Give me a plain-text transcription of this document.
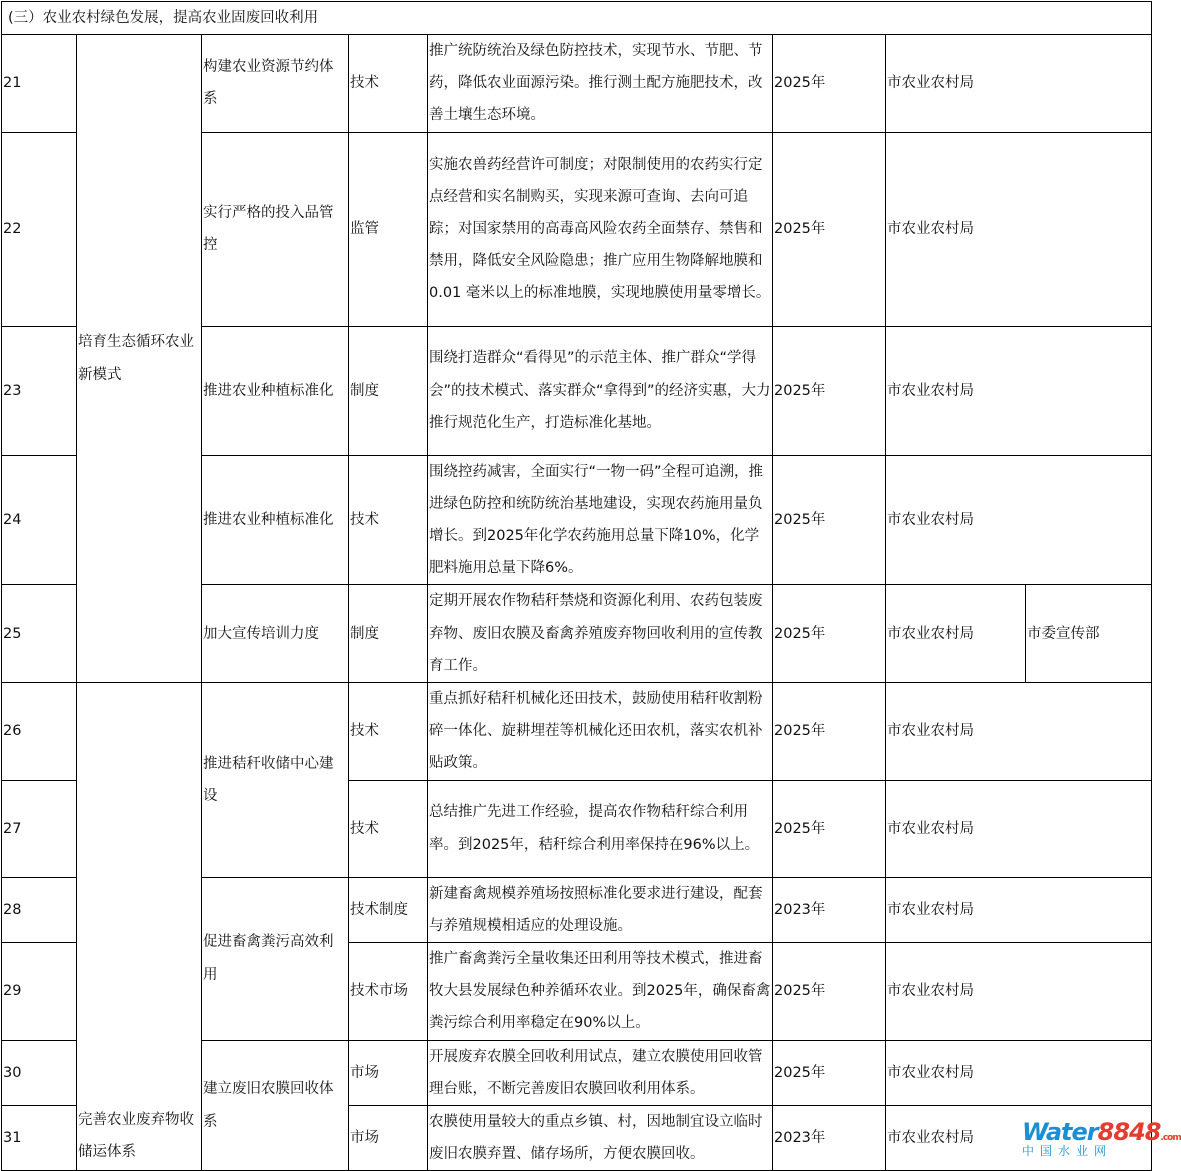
(三）农业农村绿色发展，提高农业固废回收利用							
21	培育生态循环农业新模式	构建农业资源节约体系	技术	推广统防统治及绿色防控技术，实现节水、节肥、节药，降低农业面源污染。推行测土配方施肥技术，改善土壤生态环境。	2025年	市农业农村局	
22		实行严格的投入品管控	监管	实施农兽药经营许可制度；对限制使用的农药实行定点经营和实名制购买，实现来源可查询、去向可追踪；对国家禁用的高毒高风险农药全面禁存、禁售和禁用，降低安全风险隐患；推广应用生物降解地膜和 0.01 毫米以上的标准地膜，实现地膜使用量零增长。	2025年	市农业农村局	
23		推进农业种植标准化	制度	围绕打造群众“看得见”的示范主体、推广群众“学得会”的技术模式、落实群众“拿得到”的经济实惠，大力推行规范化生产，打造标准化基地。	2025年	市农业农村局	
24		推进农业种植标准化	技术	围绕控药减害，全面实行“一物一码”全程可追溯，推进绿色防控和统防统治基地建设，实现农药施用量负增长。到2025年化学农药施用总量下降10%，化学肥料施用总量下降6%。	2025年	市农业农村局	
25		加大宣传培训力度	制度	定期开展农作物秸秆禁烧和资源化利用、农药包装废弃物、废旧农膜及畜禽养殖废弃物回收利用的宣传教育工作。	2025年	市农业农村局	市委宣传部
26	完善农业废弃物收储运体系	推进秸秆收储中心建设	技术	重点抓好秸秆机械化还田技术，鼓励使用秸秆收割粉碎一体化、旋耕埋茬等机械化还田农机，落实农机补贴政策。	2025年	市农业农村局	
27			技术	总结推广先进工作经验，提高农作物秸秆综合利用率。到2025年，秸秆综合利用率保持在96%以上。	2025年	市农业农村局	
28		促进畜禽粪污高效利用	技术制度	新建畜禽规模养殖场按照标准化要求进行建设，配套与养殖规模相适应的处理设施。	2023年	市农业农村局	
29			技术市场	推广畜禽粪污全量收集还田利用等技术模式，推进畜牧大县发展绿色种养循环农业。到2025年，确保畜禽粪污综合利用率稳定在90%以上。	2025年	市农业农村局	
30		建立废旧农膜回收体系	市场	开展废弃农膜全回收利用试点，建立农膜使用回收管理台账，不断完善废旧农膜回收利用体系。	2025年	市农业农村局	
31			市场	农膜使用量较大的重点乡镇、村，因地制宜设立临时废旧农膜弃置、储存场所，方便农膜回收。	2023年	市农业农村局	Water8848.com
中国水业网
